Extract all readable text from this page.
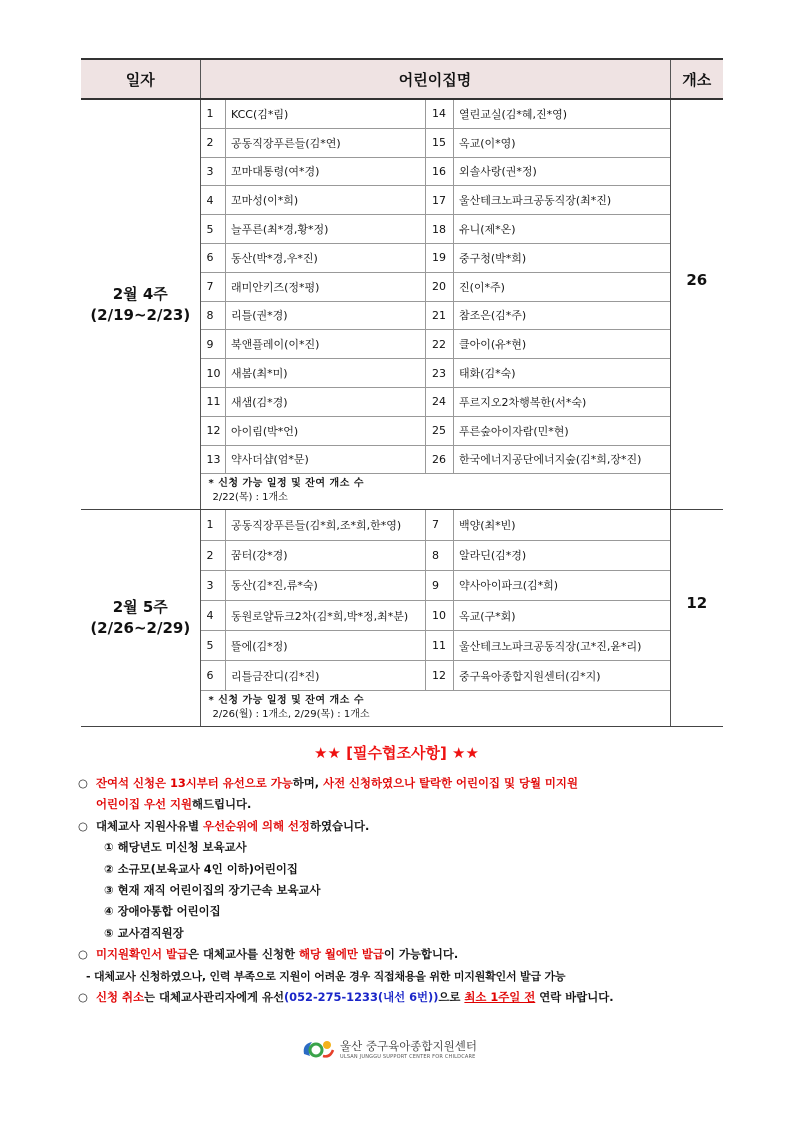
일자	어린이집명	개소

2월 4주
(2/19~2/23)

1	KCC(김*림)	14	열린교실(김*혜,진*영)
2	공동직장푸른들(김*연)	15	옥교(이*영)
3	꼬마대통령(여*경)	16	외솔사랑(권*정)
4	꼬마성(이*희)	17	울산테크노파크공동직장(최*진)
5	늘푸른(최*경,황*정)	18	유니(제*온)
6	동산(박*경,우*진)	19	중구청(박*희)
7	래미안키즈(정*평)	20	진(이*주)
8	리틀(권*경)	21	참조은(김*주)
9	북앤플레이(이*진)	22	클아이(유*현)
10	새봄(최*미)	23	태화(김*숙)
11	새샘(김*경)	24	푸르지오2차행복한(서*숙)
12	아이림(박*언)	25	푸른숲아이자람(민*현)
13	약사더샵(엄*문)	26	한국에너지공단에너지숲(김*희,장*진)
* 신청 가능 일정 및 잔여 개소 수
2/22(목) : 1개소
	26

2월 5주
(2/26~2/29)

1	공동직장푸른들(김*희,조*희,한*영)	7	백양(최*빈)
2	꿈터(강*경)	8	알라딘(김*경)
3	동산(김*진,류*숙)	9	약사아이파크(김*희)
4	동원로얄듀크2차(김*희,박*정,최*분)	10	옥교(구*회)
5	뜰에(김*정)	11	울산테크노파크공동직장(고*진,윤*리)
6	리틀금잔디(김*진)	12	중구육아종합지원센터(김*지)
* 신청 가능 일정 및 잔여 개소 수
2/26(월) : 1개소, 2/29(목) : 1개소
	12
★★ [필수협조사항] ★★
○ 잔여석 신청은 13시부터 유선으로 가능하며, 사전 신청하였으나 탈락한 어린이집 및 당월 미지원
어린이집 우선 지원해드립니다.
○ 대체교사 지원사유별 우선순위에 의해 선정하였습니다.
① 해당년도 미신청 보육교사
② 소규모(보육교사 4인 이하)어린이집
③ 현재 재직 어린이집의 장기근속 보육교사
④ 장애아통합 어린이집
⑤ 교사겸직원장
○ 미지원확인서 발급은 대체교사를 신청한 해당 월에만 발급이 가능합니다.
- 대체교사 신청하였으나, 인력 부족으로 지원이 어려운 경우 직접채용을 위한 미지원확인서 발급 가능
○ 신청 취소는 대체교사관리자에게 유선(052-275-1233(내선 6번))으로 최소 1주일 전 연락 바랍니다.
울산 중구육아종합지원센터
ULSAN JUNGGU SUPPORT CENTER FOR CHILDCARE
